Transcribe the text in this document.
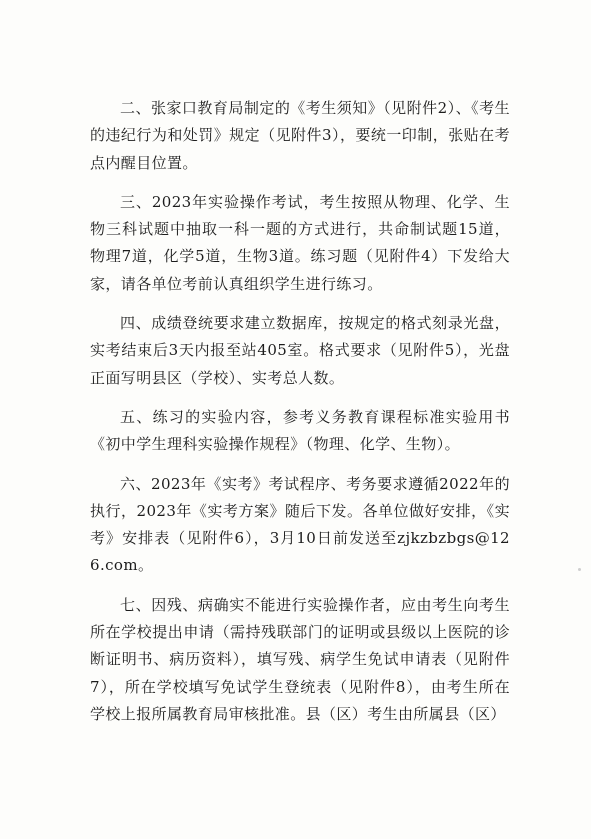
二、张家口教育局制定的《考生须知》（见附件2）、《考生的违纪行为和处罚》规定（见附件3），要统一印制，张贴在考点内醒目位置。

三、2023年实验操作考试，考生按照从物理、化学、生物三科试题中抽取一科一题的方式进行，共命制试题15道，物理7道，化学5道，生物3道。练习题（见附件4）下发给大家，请各单位考前认真组织学生进行练习。

四、成绩登统要求建立数据库，按规定的格式刻录光盘，实考结束后3天内报至站405室。格式要求（见附件5），光盘正面写明县区（学校）、实考总人数。

五、练习的实验内容，参考义务教育课程标准实验用书《初中学生理科实验操作规程》（物理、化学、生物）。

六、2023年《实考》考试程序、考务要求遵循2022年的执行，2023年《实考方案》随后下发。各单位做好安排，《实考》安排表（见附件6），3月10日前发送至zjkzbzbgs@126.com。

七、因残、病确实不能进行实验操作者，应由考生向考生所在学校提出申请（需持残联部门的证明或县级以上医院的诊断证明书、病历资料），填写残、病学生免试申请表（见附件7），所在学校填写免试学生登统表（见附件8），由考生所在学校上报所属教育局审核批准。县（区）考生由所属县（区）
